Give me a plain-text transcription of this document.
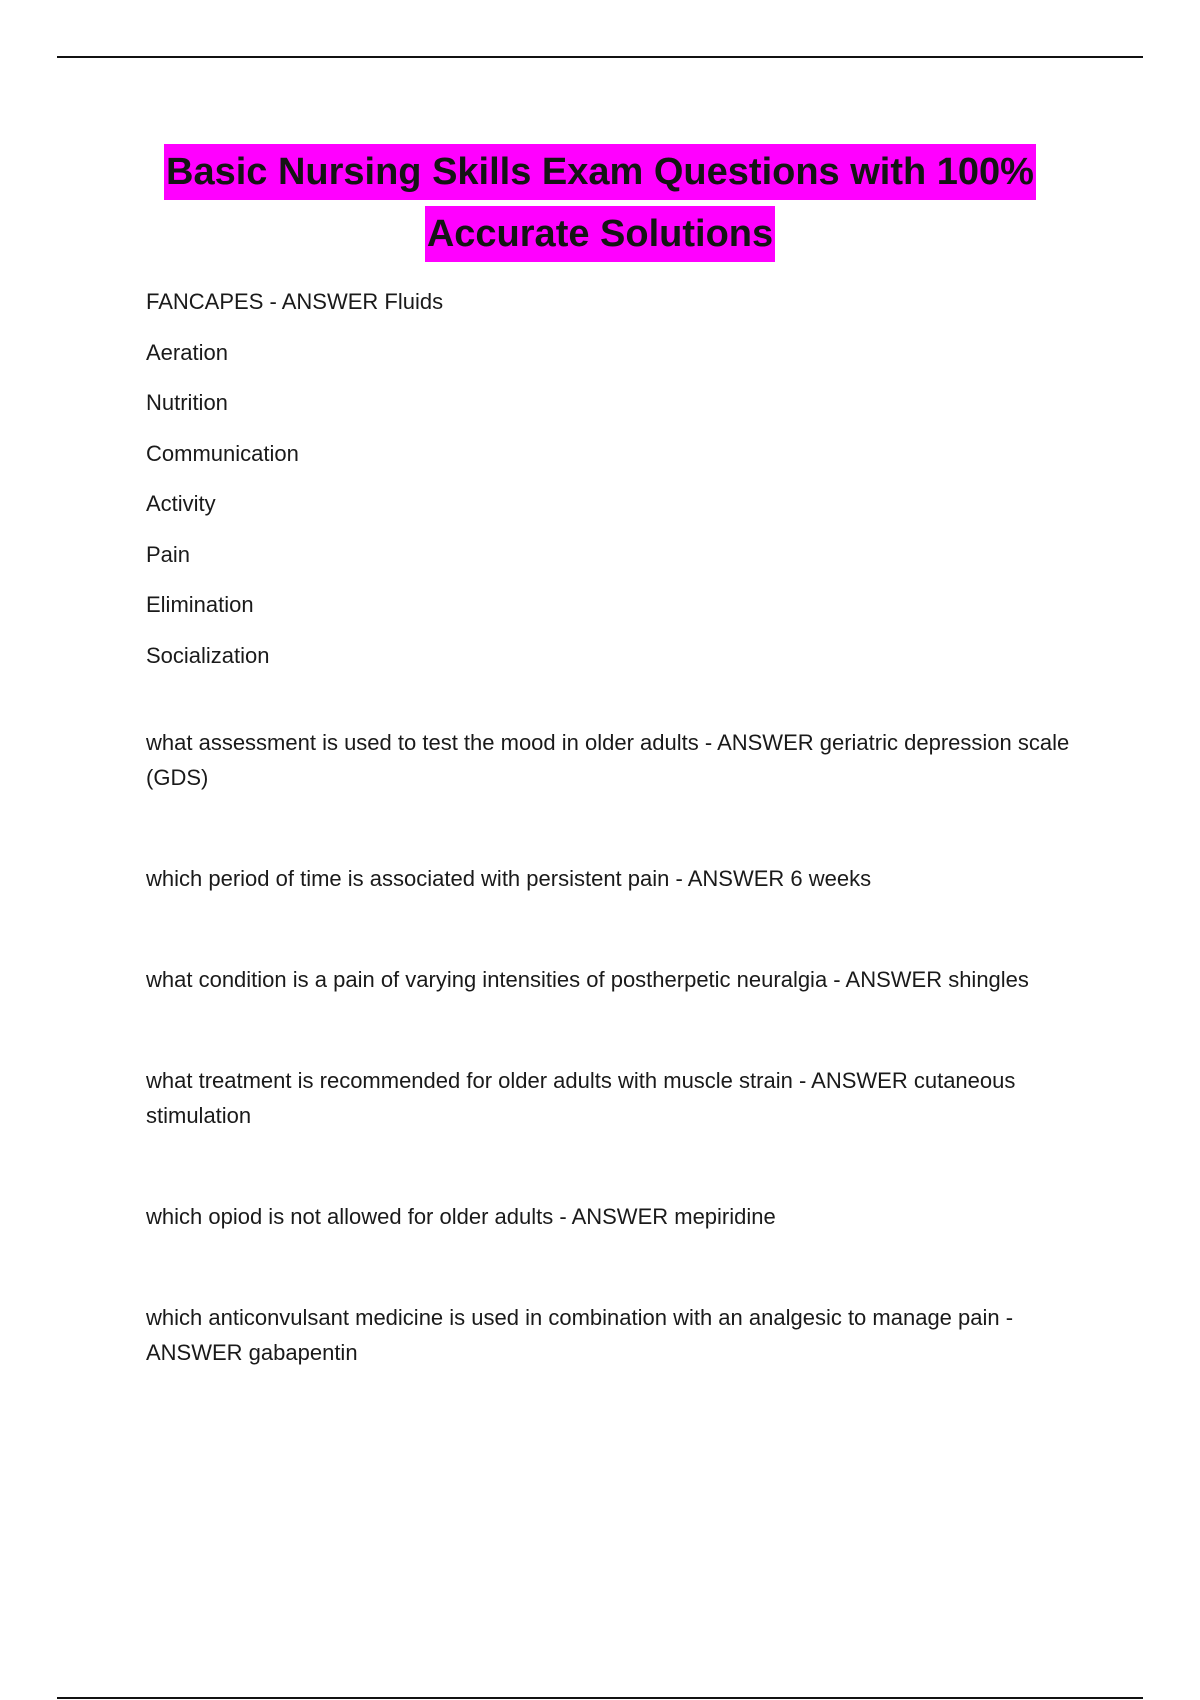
Basic Nursing Skills Exam Questions with 100%
Accurate Solutions

FANCAPES - ANSWER Fluids

Aeration

Nutrition

Communication

Activity

Pain

Elimination

Socialization

what assessment is used to test the mood in older adults - ANSWER geriatric depression scale (GDS)

which period of time is associated with persistent pain - ANSWER 6 weeks

what condition is a pain of varying intensities of postherpetic neuralgia - ANSWER shingles

what treatment is recommended for older adults with muscle strain - ANSWER cutaneous stimulation

which opiod is not allowed for older adults - ANSWER mepiridine

which anticonvulsant medicine is used in combination with an analgesic to manage pain - ANSWER gabapentin
